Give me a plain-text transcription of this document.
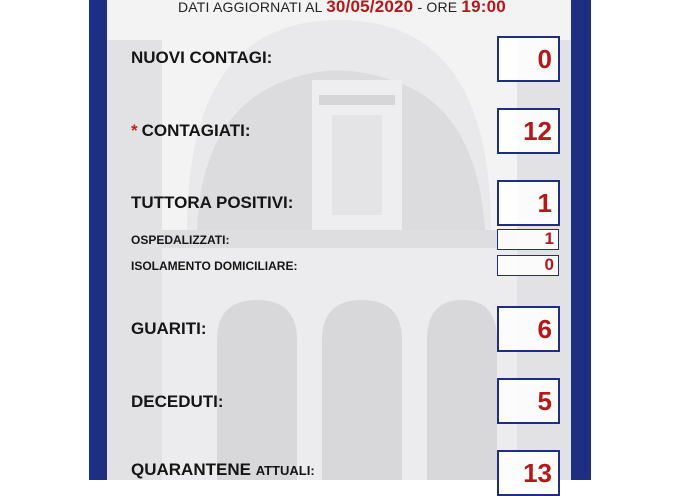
DATI AGGIORNATI AL 30/05/2020 - ORE 19:00
NUOVI CONTAGI:	0
* CONTAGIATI:	12
TUTTORA POSITIVI:	1
OSPEDALIZZATI:	1
ISOLAMENTO DOMICILIARE:	0
GUARITI:	6
DECEDUTI:	5
QUARANTENE ATTUALI:	13
